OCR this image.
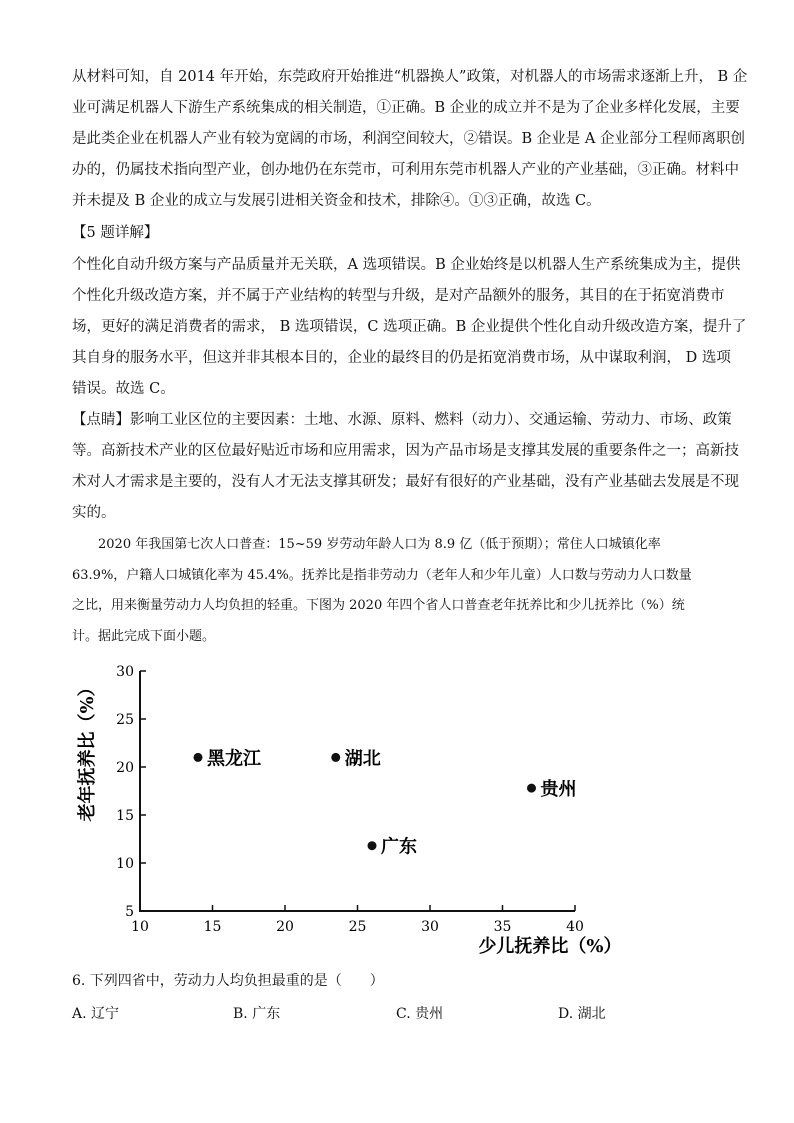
从材料可知，自 2014 年开始，东莞政府开始推进“机器换人”政策，对机器人的市场需求逐渐上升， B 企
业可满足机器人下游生产系统集成的相关制造，①正确。B 企业的成立并不是为了企业多样化发展，主要
是此类企业在机器人产业有较为宽阔的市场，利润空间较大，②错误。B 企业是 A 企业部分工程师离职创
办的，仍属技术指向型产业，创办地仍在东莞市，可利用东莞市机器人产业的产业基础，③正确。材料中
并未提及 B 企业的成立与发展引进相关资金和技术，排除④。①③正确，故选 C。
【5 题详解】
个性化自动升级方案与产品质量并无关联，A 选项错误。B 企业始终是以机器人生产系统集成为主，提供
个性化升级改造方案，并不属于产业结构的转型与升级，是对产品额外的服务，其目的在于拓宽消费市
场，更好的满足消费者的需求， B 选项错误，C 选项正确。B 企业提供个性化自动升级改造方案，提升了
其自身的服务水平，但这并非其根本目的，企业的最终目的仍是拓宽消费市场，从中谋取利润， D 选项
错误。故选 C。
【点睛】影响工业区位的主要因素：土地、水源、原料、燃料（动力）、交通运输、劳动力、市场、政策
等。高新技术产业的区位最好贴近市场和应用需求，因为产品市场是支撑其发展的重要条件之一；高新技
术对人才需求是主要的，没有人才无法支撑其研发；最好有很好的产业基础，没有产业基础去发展是不现
实的。
　　2020 年我国第七次人口普查：15~59 岁劳动年龄人口为 8.9 亿（低于预期）；常住人口城镇化率
63.9%，户籍人口城镇化率为 45.4%。抚养比是指非劳动力（老年人和少年儿童）人口数与劳动力人口数量
之比，用来衡量劳动力人均负担的轻重。下图为 2020 年四个省人口普查老年抚养比和少儿抚养比（%）统
计。据此完成下面小题。
5
10
15
20
25
30
10	15	20	25	30	35	40
少儿抚养比（%）
老年抚养比（%）	黑龙江	湖北
贵州
广东
6. 下列四省中，劳动力人均负担最重的是（　　）
A. 辽宁	B. 广东	C. 贵州	D. 湖北
